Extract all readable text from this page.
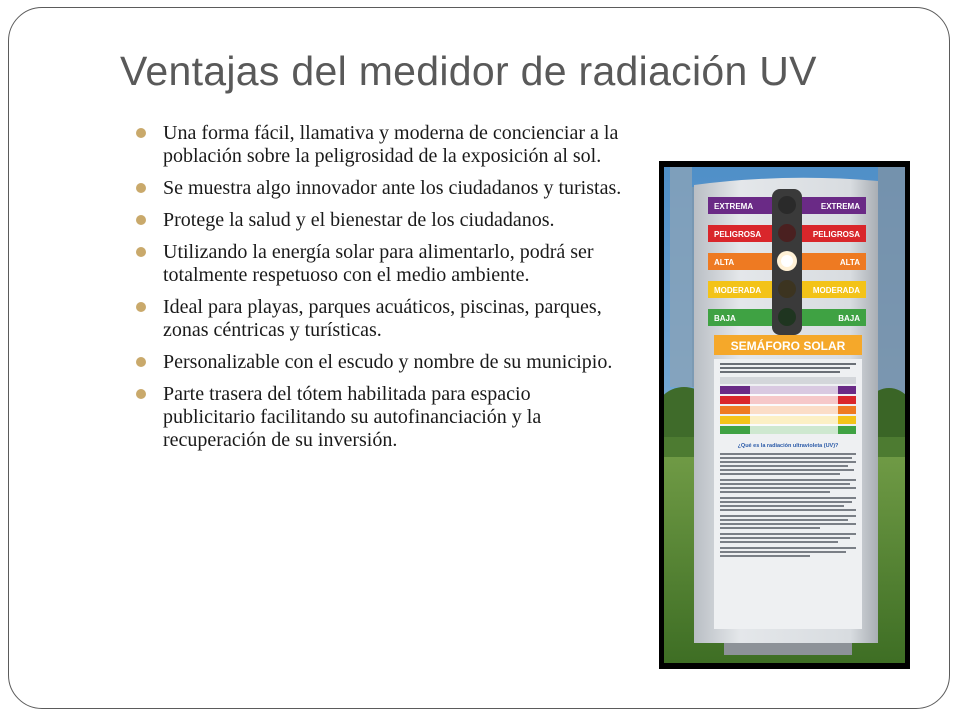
Ventajas del medidor de radiación UV
Una forma fácil, llamativa y moderna de concienciar a la población sobre la peligrosidad de la exposición al sol.
Se muestra algo innovador ante los ciudadanos y turistas.
Protege la salud y el bienestar de los ciudadanos.
Utilizando la energía solar para alimentarlo, podrá ser totalmente respetuoso con el medio ambiente.
Ideal para playas, parques acuáticos, piscinas, parques, zonas céntricas y turísticas.
Personalizable con el escudo y nombre de su municipio.
Parte trasera del tótem habilitada para espacio publicitario facilitando su autofinanciación y la recuperación de su inversión.
EXTREMA	EXTREMA
PELIGROSA	PELIGROSA
ALTA	ALTA
MODERADA	MODERADA
BAJA	BAJA
SEMÁFORO SOLAR
¿Qué es la radiación ultravioleta (UV)?
